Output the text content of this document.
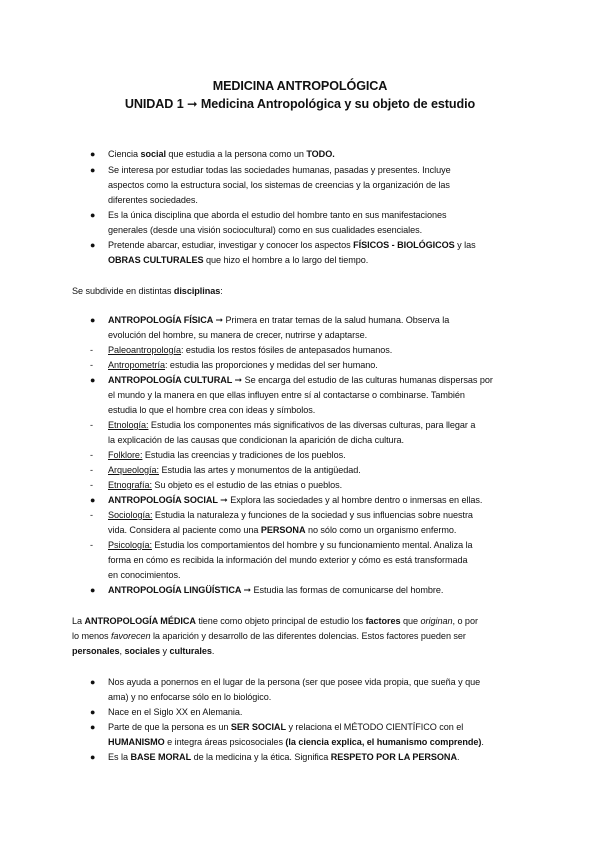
MEDICINA ANTROPOLÓGICA
UNIDAD 1 ➞ Medicina Antropológica y su objeto de estudio
● Ciencia social que estudia a la persona como un TODO.
● Se interesa por estudiar todas las sociedades humanas, pasadas y presentes. Incluye
aspectos como la estructura social, los sistemas de creencias y la organización de las
diferentes sociedades.
● Es la única disciplina que aborda el estudio del hombre tanto en sus manifestaciones
generales (desde una visión sociocultural) como en sus cualidades esenciales.
● Pretende abarcar, estudiar, investigar y conocer los aspectos FÍSICOS - BIOLÓGICOS y las
OBRAS CULTURALES que hizo el hombre a lo largo del tiempo.
Se subdivide en distintas disciplinas:
● ANTROPOLOGÍA FÍSICA ➞ Primera en tratar temas de la salud humana. Observa la
evolución del hombre, su manera de crecer, nutrirse y adaptarse.
- Paleoantropología: estudia los restos fósiles de antepasados humanos.
- Antropometría: estudia las proporciones y medidas del ser humano.
● ANTROPOLOGÍA CULTURAL ➞ Se encarga del estudio de las culturas humanas dispersas por
el mundo y la manera en que ellas influyen entre sí al contactarse o combinarse. También
estudia lo que el hombre crea con ideas y símbolos.
- Etnología: Estudia los componentes más significativos de las diversas culturas, para llegar a
la explicación de las causas que condicionan la aparición de dicha cultura.
- Folklore: Estudia las creencias y tradiciones de los pueblos.
- Arqueología: Estudia las artes y monumentos de la antigüedad.
- Etnografía: Su objeto es el estudio de las etnias o pueblos.
● ANTROPOLOGÍA SOCIAL ➞ Explora las sociedades y al hombre dentro o inmersas en ellas.
- Sociología: Estudia la naturaleza y funciones de la sociedad y sus influencias sobre nuestra
vida. Considera al paciente como una PERSONA no sólo como un organismo enfermo.
- Psicología: Estudia los comportamientos del hombre y su funcionamiento mental. Analiza la
forma en cómo es recibida la información del mundo exterior y cómo es está transformada
en conocimientos.
● ANTROPOLOGÍA LINGÜÍSTICA ➞ Estudia las formas de comunicarse del hombre.
La ANTROPOLOGÍA MÉDICA tiene como objeto principal de estudio los factores que originan, o por
lo menos favorecen la aparición y desarrollo de las diferentes dolencias. Estos factores pueden ser
personales, sociales y culturales.
● Nos ayuda a ponernos en el lugar de la persona (ser que posee vida propia, que sueña y que
ama) y no enfocarse sólo en lo biológico.
● Nace en el Siglo XX en Alemania.
● Parte de que la persona es un SER SOCIAL y relaciona el MÉTODO CIENTÍFICO con el
HUMANISMO e integra áreas psicosociales (la ciencia explica, el humanismo comprende).
● Es la BASE MORAL de la medicina y la ética. Significa RESPETO POR LA PERSONA.
